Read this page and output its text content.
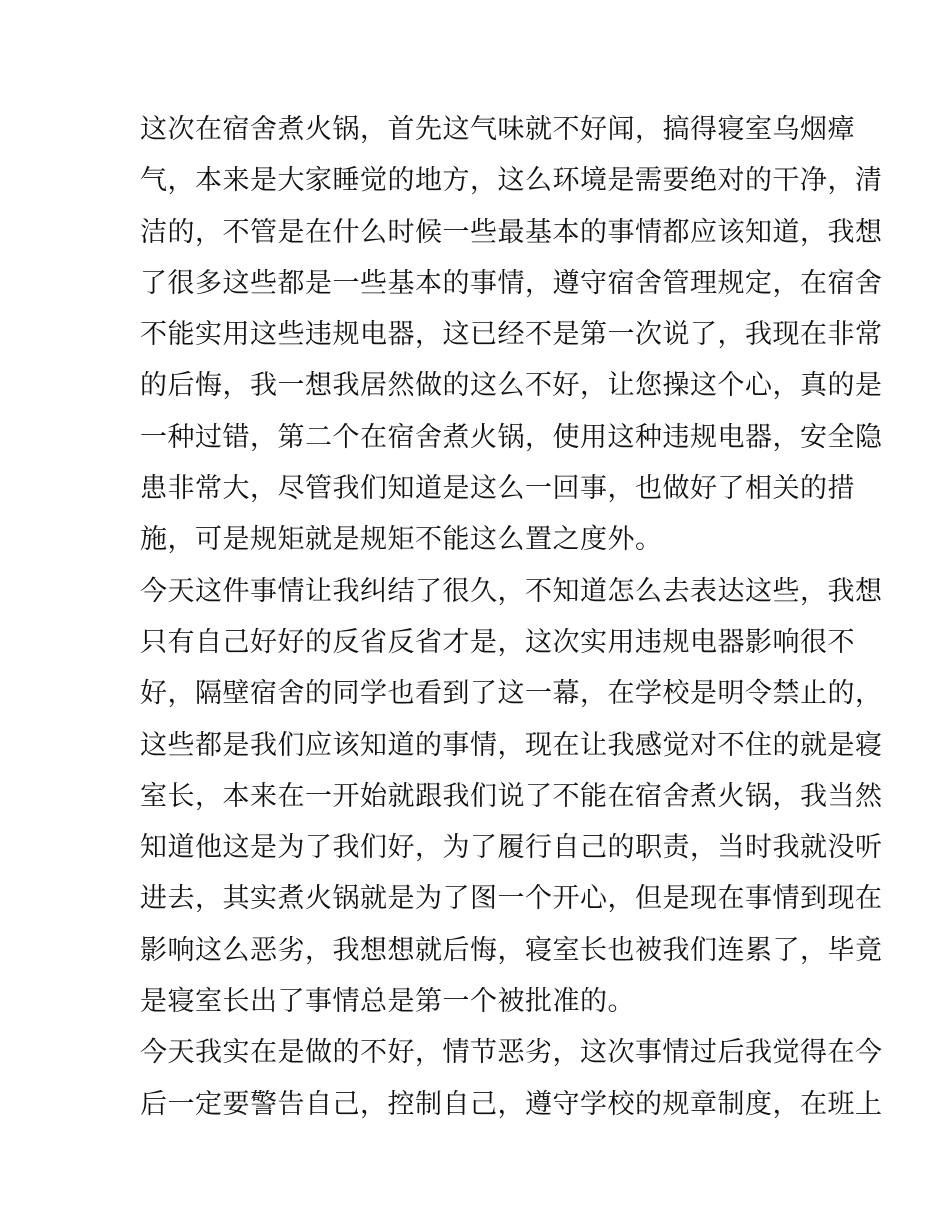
这次在宿舍煮火锅，首先这气味就不好闻，搞得寝室乌烟瘴
气，本来是大家睡觉的地方，这么环境是需要绝对的干净，清
洁的，不管是在什么时候一些最基本的事情都应该知道，我想
了很多这些都是一些基本的事情，遵守宿舍管理规定，在宿舍
不能实用这些违规电器，这已经不是第一次说了，我现在非常
的后悔，我一想我居然做的这么不好，让您操这个心，真的是
一种过错，第二个在宿舍煮火锅，使用这种违规电器，安全隐
患非常大，尽管我们知道是这么一回事，也做好了相关的措
施，可是规矩就是规矩不能这么置之度外。
今天这件事情让我纠结了很久，不知道怎么去表达这些，我想
只有自己好好的反省反省才是，这次实用违规电器影响很不
好，隔壁宿舍的同学也看到了这一幕，在学校是明令禁止的，
这些都是我们应该知道的事情，现在让我感觉对不住的就是寝
室长，本来在一开始就跟我们说了不能在宿舍煮火锅，我当然
知道他这是为了我们好，为了履行自己的职责，当时我就没听
进去，其实煮火锅就是为了图一个开心，但是现在事情到现在
影响这么恶劣，我想想就后悔，寝室长也被我们连累了，毕竟
是寝室长出了事情总是第一个被批准的。
今天我实在是做的不好，情节恶劣，这次事情过后我觉得在今
后一定要警告自己，控制自己，遵守学校的规章制度，在班上
